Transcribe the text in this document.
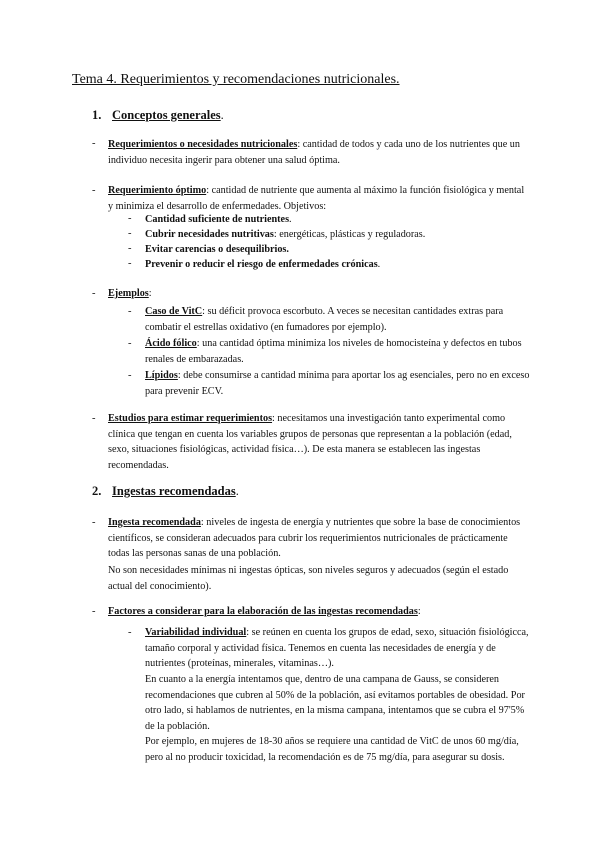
Tema 4. Requerimientos y recomendaciones nutricionales.
1. Conceptos generales.
- Requerimientos o necesidades nutricionales: cantidad de todos y cada uno de los nutrientes que un individuo necesita ingerir para obtener una salud óptima.

- Requerimiento óptimo: cantidad de nutriente que aumenta al máximo la función fisiológica y mental y minimiza el desarrollo de enfermedades. Objetivos:

- Cantidad suficiente de nutrientes.

- Cubrir necesidades nutritivas: energéticas, plásticas y reguladoras.

- Evitar carencias o desequilibrios.

- Prevenir o reducir el riesgo de enfermedades crónicas.

- Ejemplos:

- Caso de VitC: su déficit provoca escorbuto. A veces se necesitan cantidades extras para combatir el estrellas oxidativo (en fumadores por ejemplo).

- Ácido fólico: una cantidad óptima minimiza los niveles de homocisteína y defectos en tubos renales de embarazadas.

- Lípidos: debe consumirse a cantidad mínima para aportar los ag esenciales, pero no en exceso para prevenir ECV.

- Estudios para estimar requerimientos: necesitamos una investigación tanto experimental como clínica que tengan en cuenta los variables grupos de personas que representan a la población (edad, sexo, situaciones fisiológicas, actividad física…). De esta manera se establecen las ingestas recomendadas.

2. Ingestas recomendadas.
- Ingesta recomendada: niveles de ingesta de energía y nutrientes que sobre la base de conocimientos científicos, se consideran adecuados para cubrir los requerimientos nutricionales de prácticamente todas las personas sanas de una población.

No son necesidades mínimas ni ingestas ópticas, son niveles seguros y adecuados (según el estado actual del conocimiento).

- Factores a considerar para la elaboración de las ingestas recomendadas:

- Variabilidad individual: se reúnen en cuenta los grupos de edad, sexo, situación fisiológicca, tamaño corporal y actividad física. Tenemos en cuenta las necesidades de energía y de nutrientes (proteínas, minerales, vitaminas…).

En cuanto a la energía intentamos que, dentro de una campana de Gauss, se consideren recomendaciones que cubren al 50% de la población, así evitamos portables de obesidad. Por otro lado, si hablamos de nutrientes, en la misma campana, intentamos que se cubra el 97'5% de la población.

Por ejemplo, en mujeres de 18-30 años se requiere una cantidad de VitC de unos 60 mg/día, pero al no producir toxicidad, la recomendación es de 75 mg/día, para asegurar su dosis.
